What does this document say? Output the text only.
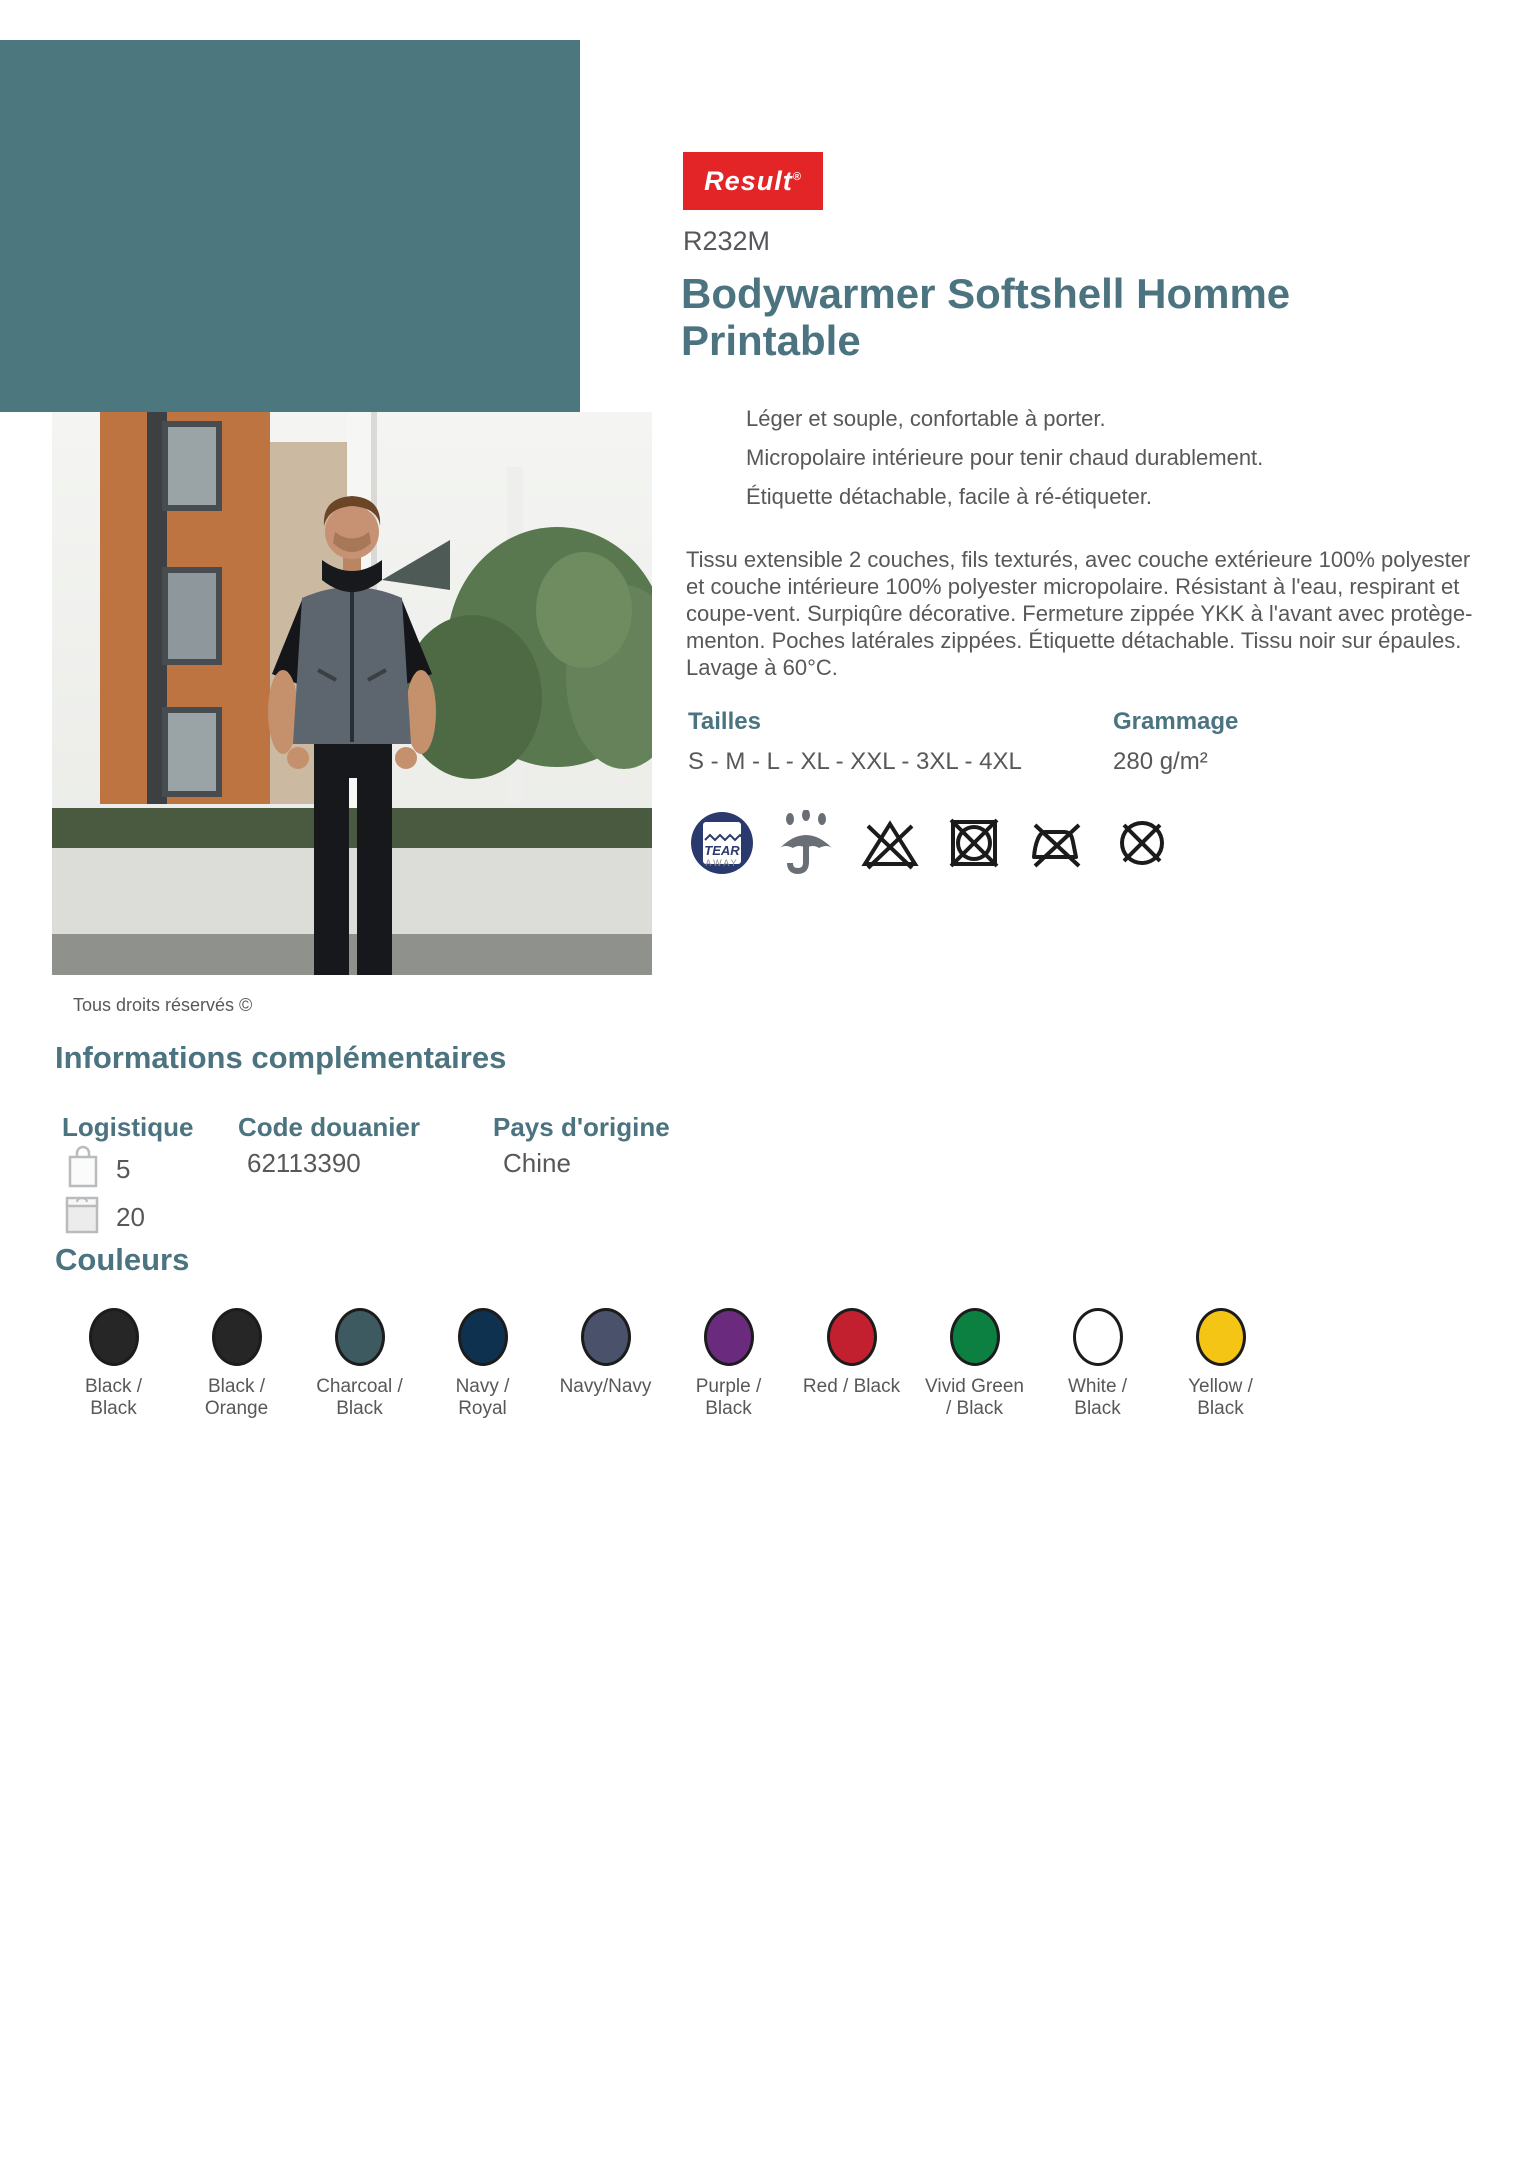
Result®
R232M
Bodywarmer Softshell Homme
Printable
Léger et souple, confortable à porter.
Micropolaire intérieure pour tenir chaud durablement.
Étiquette détachable, facile à ré-étiqueter.
Tissu extensible 2 couches, fils texturés, avec couche extérieure 100% polyester et couche intérieure 100% polyester micropolaire. Résistant à l'eau, respirant et coupe-vent. Surpiqûre décorative. Fermeture zippée YKK à l'avant avec protège-menton. Poches latérales zippées. Étiquette détachable. Tissu noir sur épaules. Lavage à 60°C.
Tailles
S - M - L - XL - XXL - 3XL - 4XL
Grammage
280 g/m²
TEAR
AWAY
Tous droits réservés ©
Informations complémentaires
Logistique Code douanier	Pays d'origine
5
20
62113390	Chine
Couleurs
Black /
Black
Black /
Orange
Charcoal /
Black
Navy /
Royal
Navy/Navy Purple /
Black
Red / Black Vivid Green
/ Black
White /
Black
Yellow /
Black
